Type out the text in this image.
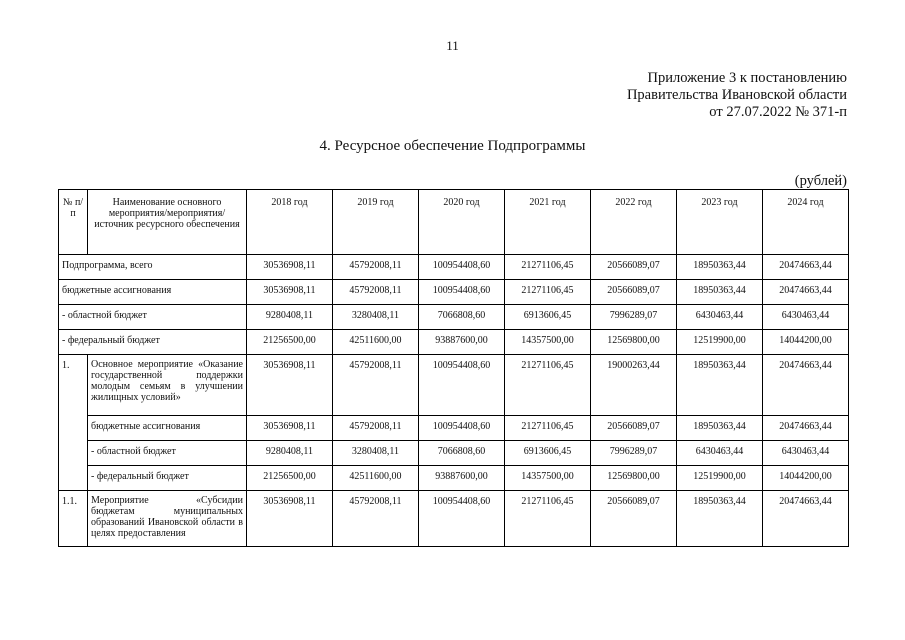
11
Приложение 3 к постановлению
Правительства Ивановской области
от 27.07.2022 № 371-п
4. Ресурсное обеспечение Подпрограммы
(рублей)
№ п/п	Наименование основного мероприятия/мероприятия/ источник ресурсного обеспечения	2018 год	2019 год	2020 год	2021 год	2022 год	2023 год	2024 год
Подпрограмма, всего		30536908,11	45792008,11	100954408,60	21271106,45	20566089,07	18950363,44	20474663,44
бюджетные ассигнования		30536908,11	45792008,11	100954408,60	21271106,45	20566089,07	18950363,44	20474663,44
- областной бюджет		9280408,11	3280408,11	7066808,60	6913606,45	7996289,07	6430463,44	6430463,44
- федеральный бюджет		21256500,00	42511600,00	93887600,00	14357500,00	12569800,00	12519900,00	14044200,00
1.	Основное мероприятие «Оказание государственной поддержки молодым семьям в улучшении жилищных условий»	30536908,11	45792008,11	100954408,60	21271106,45	19000263,44	18950363,44	20474663,44
	бюджетные ассигнования	30536908,11	45792008,11	100954408,60	21271106,45	20566089,07	18950363,44	20474663,44
	- областной бюджет	9280408,11	3280408,11	7066808,60	6913606,45	7996289,07	6430463,44	6430463,44
	- федеральный бюджет	21256500,00	42511600,00	93887600,00	14357500,00	12569800,00	12519900,00	14044200,00
1.1.	Мероприятие «Субсидии бюджетам муниципальных образований Ивановской области в целях предоставления	30536908,11	45792008,11	100954408,60	21271106,45	20566089,07	18950363,44	20474663,44
